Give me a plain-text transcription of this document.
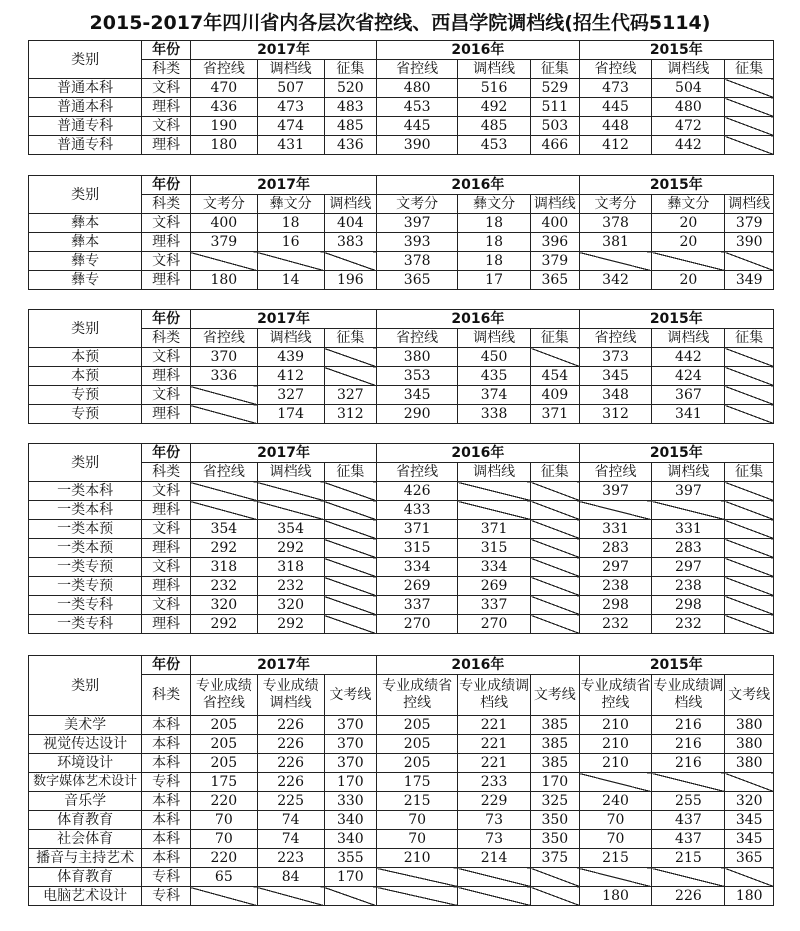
2015-2017年四川省内各层次省控线、西昌学院调档线(招生代码5114)
类别	年份	2017年			2016年			2015年		
	科类	省控线	调档线	征集	省控线	调档线	征集	省控线	调档线	征集
普通本科	文科	470	507	520	480	516	529	473	504	
普通本科	理科	436	473	483	453	492	511	445	480	
普通专科	文科	190	474	485	445	485	503	448	472	
普通专科	理科	180	431	436	390	453	466	412	442	
类别	年份	2017年			2016年			2015年		
	科类	文考分	彝文分	调档线	文考分	彝文分	调档线	文考分	彝文分	调档线
彝本	文科	400	18	404	397	18	400	378	20	379
彝本	理科	379	16	383	393	18	396	381	20	390
彝专	文科				378	18	379			
彝专	理科	180	14	196	365	17	365	342	20	349
类别	年份	2017年			2016年			2015年		
	科类	省控线	调档线	征集	省控线	调档线	征集	省控线	调档线	征集
本预	文科	370	439		380	450		373	442	
本预	理科	336	412		353	435	454	345	424	
专预	文科		327	327	345	374	409	348	367	
专预	理科		174	312	290	338	371	312	341	
类别	年份	2017年			2016年			2015年		
	科类	省控线	调档线	征集	省控线	调档线	征集	省控线	调档线	征集
一类本科	文科				426			397	397	
一类本科	理科				433					
一类本预	文科	354	354		371	371		331	331	
一类本预	理科	292	292		315	315		283	283	
一类专预	文科	318	318		334	334		297	297	
一类专预	理科	232	232		269	269		238	238	
一类专科	文科	320	320		337	337		298	298	
一类专科	理科	292	292		270	270		232	232	
类别	年份	2017年			2016年			2015年		
	科类	专业成绩省控线	专业成绩调档线	文考线	专业成绩省控线	专业成绩调档线	文考线	专业成绩省控线	专业成绩调档线	文考线
美术学	本科	205	226	370	205	221	385	210	216	380
视觉传达设计	本科	205	226	370	205	221	385	210	216	380
环境设计	本科	205	226	370	205	221	385	210	216	380
数字媒体艺术设计	专科	175	226	170	175	233	170			
音乐学	本科	220	225	330	215	229	325	240	255	320
体育教育	本科	70	74	340	70	73	350	70	437	345
社会体育	本科	70	74	340	70	73	350	70	437	345
播音与主持艺术	本科	220	223	355	210	214	375	215	215	365
体育教育	专科	65	84	170						
电脑艺术设计	专科							180	226	180
